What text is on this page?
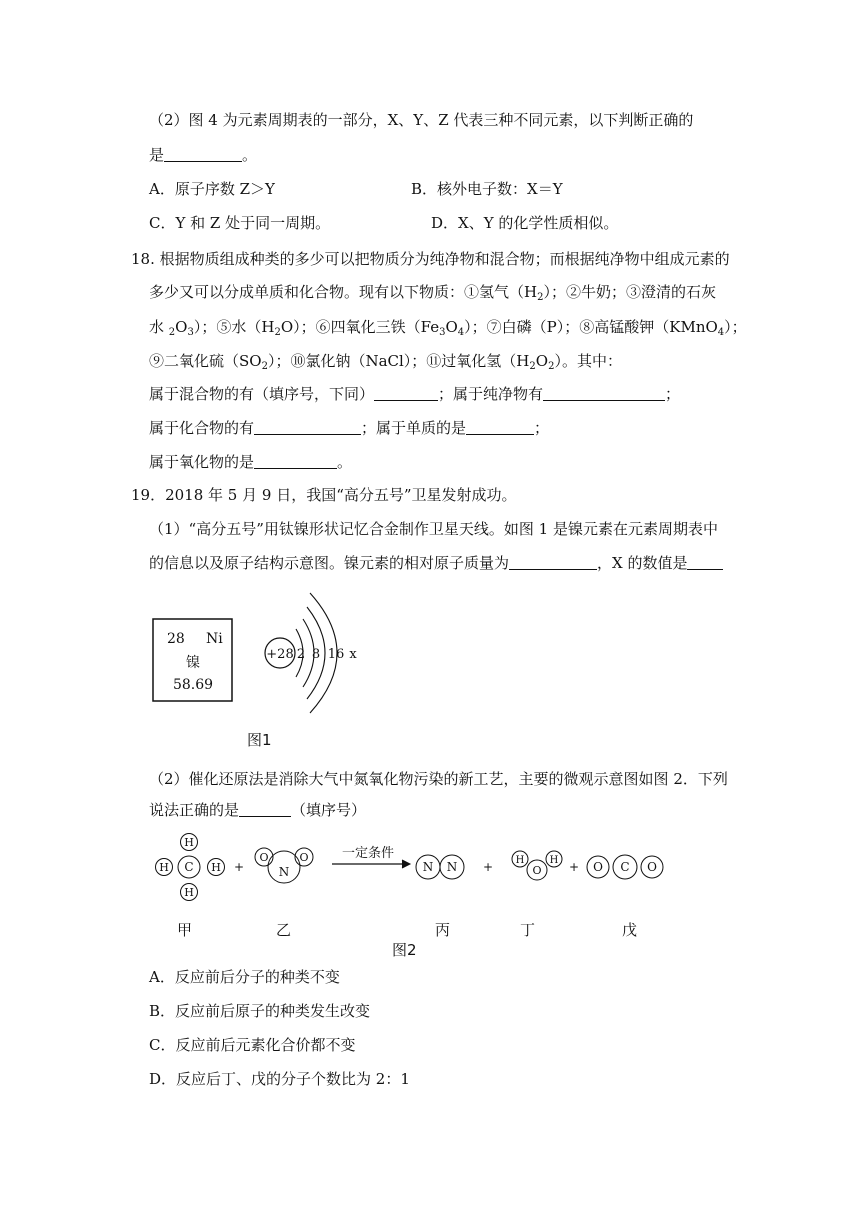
（2）图 4 为元素周期表的一部分，X、Y、Z 代表三种不同元素，以下判断正确的
是	。
A．原子序数 Z＞Y	B．核外电子数：X＝Y
C．Y 和 Z 处于同一周期。	D．X、Y 的化学性质相似。
18. 根据物质组成种类的多少可以把物质分为纯净物和混合物；而根据纯净物中组成元素的
多少又可以分成单质和化合物。现有以下物质：①氢气$(H_2)$；②牛奶；③澄清的石灰
水 $_2O_3$）；⑤水$(H_2O)$；⑥四氧化三铁$(Fe_3O_4)$；⑦白磷（P）；⑧高锰酸钾（KMnO$_4$）；
⑨二氧化硫$(SO_2)$；⑩氯化钠（NaCl）；⑪过氧化氢$(H_2O_2)$。其中：
属于混合物的有（填序号，下同）	；属于纯净物有	；
属于化合物的有	；属于单质的是	；
属于氧化物的是	。
19．2018 年 5 月 9 日，我国“高分五号”卫星发射成功。
（1）“高分五号”用钛镍形状记忆合金制作卫星天线。如图 1 是镍元素在元素周期表中
的信息以及原子结构示意图。镍元素的相对原子质量为	，X 的数值是
28 Ni
镍
58.69
+28 2 8 16 x
图1
（2）催化还原法是消除大气中氮氧化物污染的新工艺，主要的微观示意图如图 2．下列
说法正确的是	（填序号）
H
C
H	H
H
+	N
O	O	一定条件
N N +	O
H	H + O C O
甲	乙	丙	丁	戊
图2
A．反应前后分子的种类不变
B．反应前后原子的种类发生改变
C．反应前后元素化合价都不变
D．反应后丁、戊的分子个数比为 2：1
